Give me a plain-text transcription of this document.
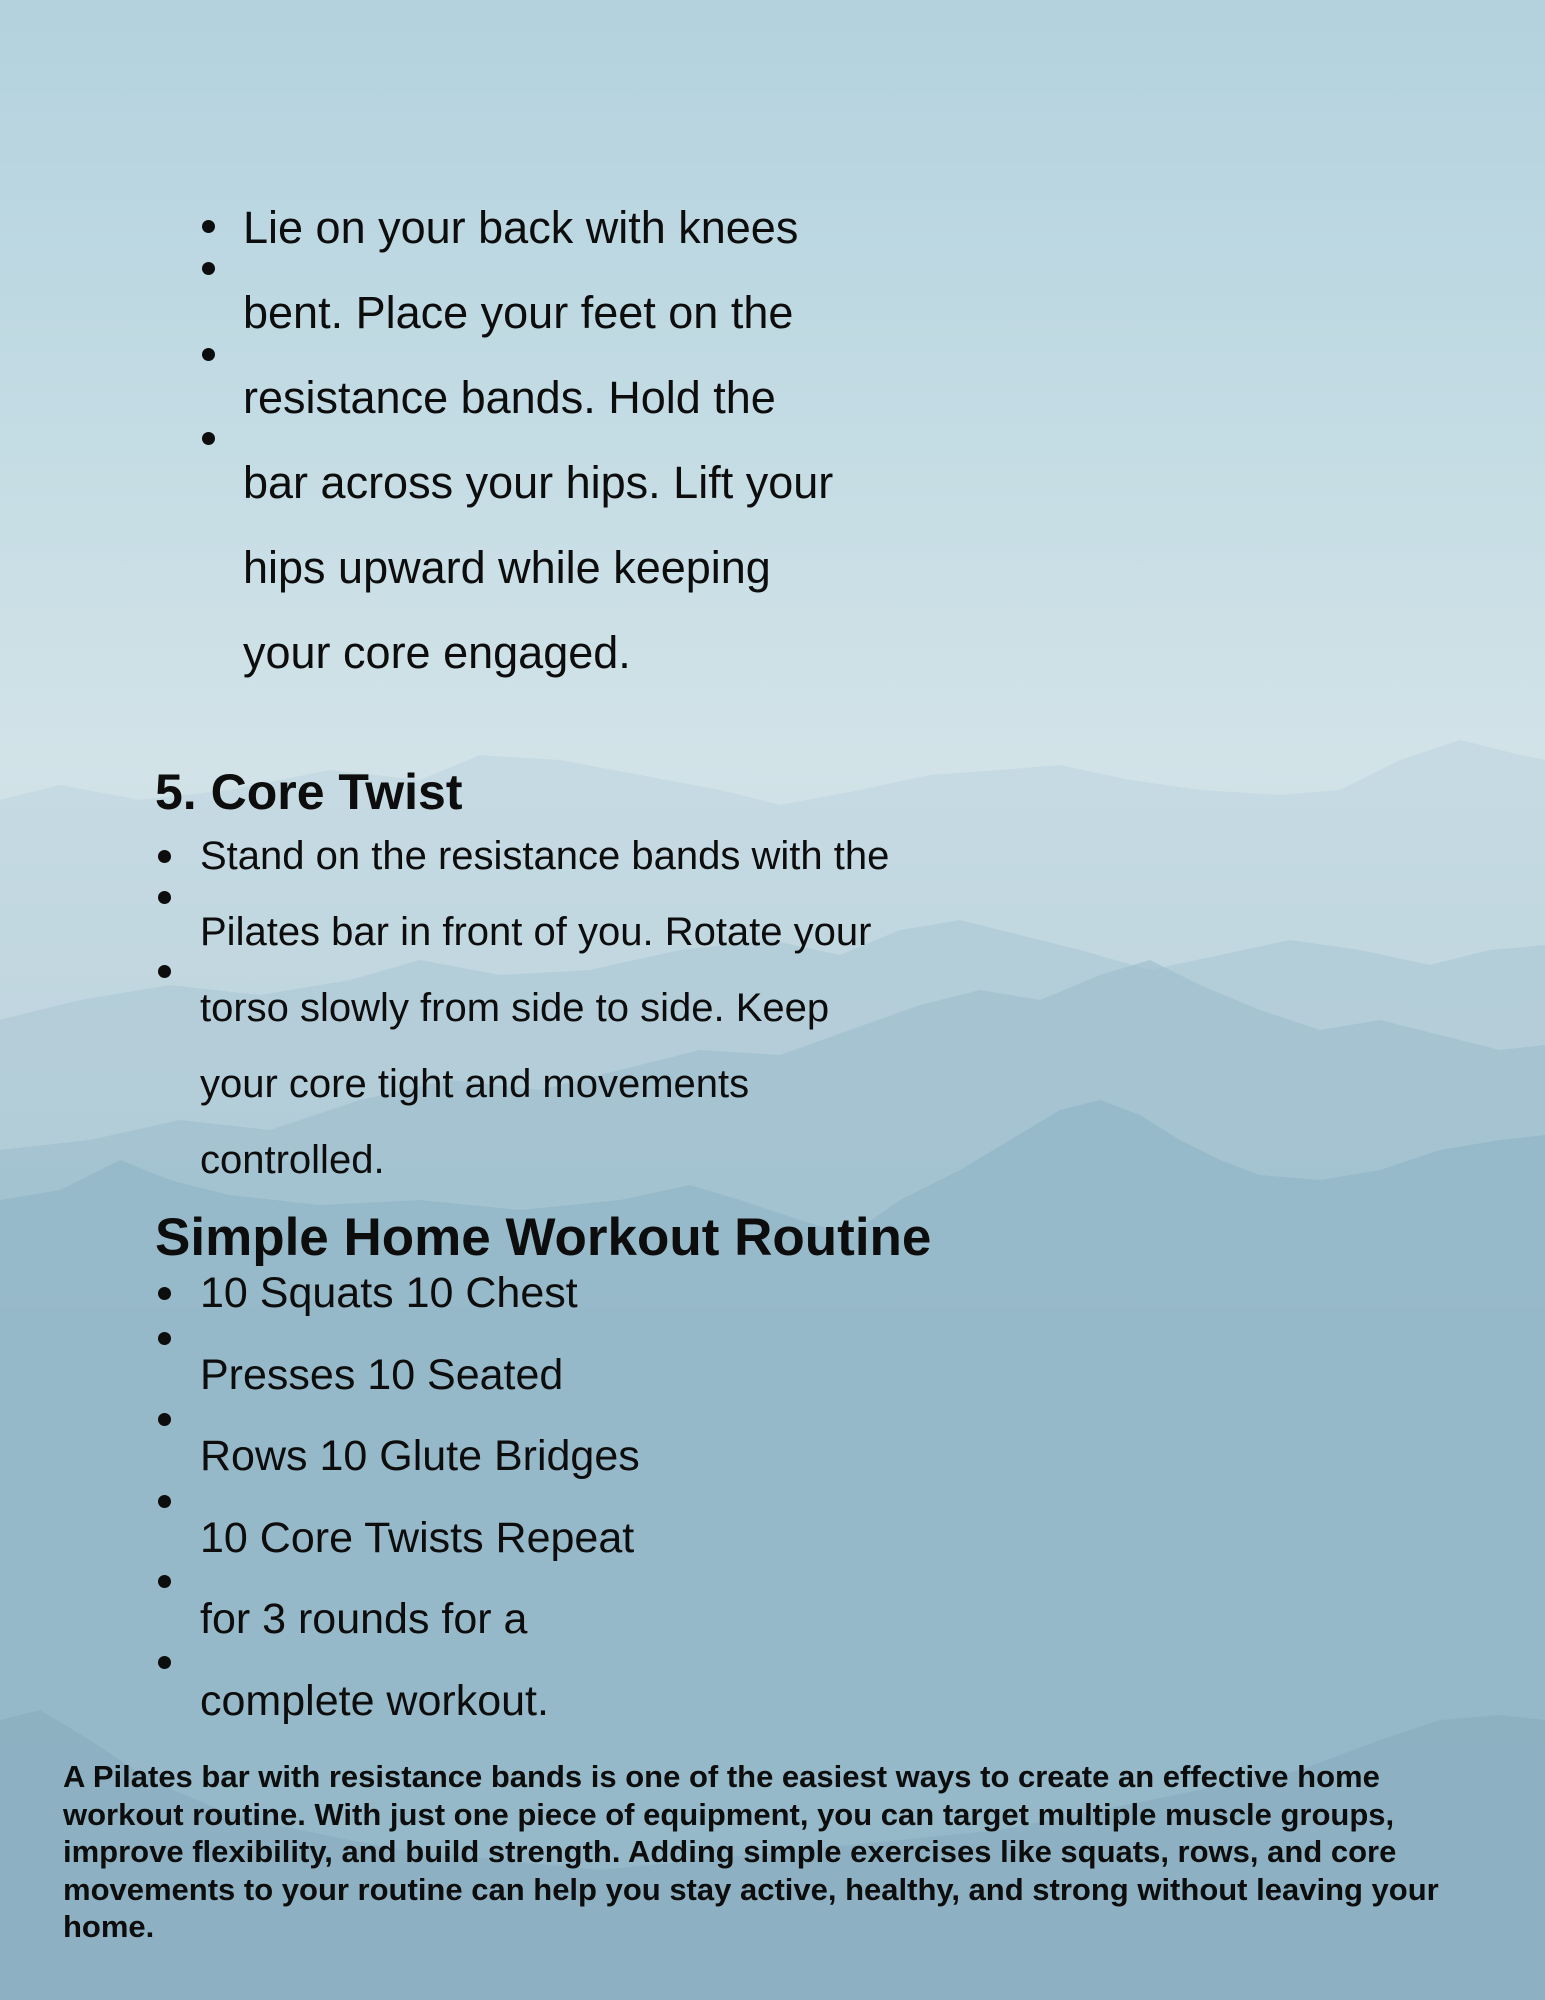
Lie on your back with knees
bent. Place your feet on the
resistance bands. Hold the
bar across your hips. Lift your
hips upward while keeping
your core engaged.
5. Core Twist
Stand on the resistance bands with the
Pilates bar in front of you. Rotate your
torso slowly from side to side. Keep
your core tight and movements
controlled.
Simple Home Workout Routine
10 Squats 10 Chest
Presses 10 Seated
Rows 10 Glute Bridges
10 Core Twists Repeat
for 3 rounds for a
complete workout.

A Pilates bar with resistance bands is one of the easiest ways to create an effective home workout routine. With just one piece of equipment, you can target multiple muscle groups, improve flexibility, and build strength. Adding simple exercises like squats, rows, and core movements to your routine can help you stay active, healthy, and strong without leaving your home.
